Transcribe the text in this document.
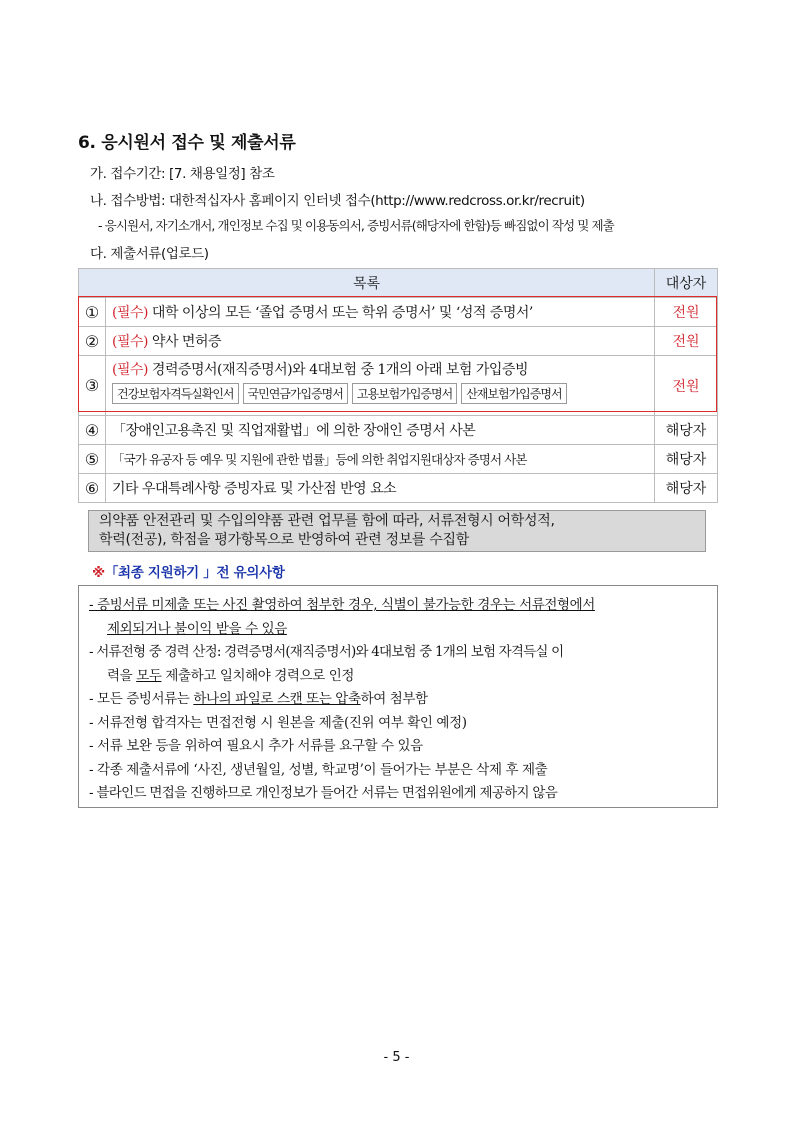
6. 응시원서 접수 및 제출서류
가. 접수기간: [7. 채용일정] 참조
나. 접수방법: 대한적십자사 홈페이지 인터넷 접수(http://www.redcross.or.kr/recruit)
- 응시원서, 자기소개서, 개인정보 수집 및 이용동의서, 증빙서류(해당자에 한함)등 빠짐없이 작성 및 제출
다. 제출서류(업로드)
목록		대상자
①	(필수) 대학 이상의 모든 ‘졸업 증명서 또는 학위 증명서’ 및 ‘성적 증명서’	전원
②	(필수) 약사 면허증	전원
③	(필수) 경력증명서(재직증명서)와 4대보험 중 1개의 아래 보험 가입증빙
건강보험자격득실확인서 국민연금가입증명서 고용보험가입증명서 산재보험가입증명서	전원
④	「장애인고용촉진 및 직업재활법」에 의한 장애인 증명서 사본	해당자
⑤	「국가 유공자 등 예우 및 지원에 관한 법률」등에 의한 취업지원대상자 증명서 사본	해당자
⑥	기타 우대특례사항 증빙자료 및 가산점 반영 요소	해당자
의약품 안전관리 및 수입의약품 관련 업무를 함에 따라, 서류전형시 어학성적,
학력(전공), 학점을 평가항목으로 반영하여 관련 정보를 수집함
※「최종 지원하기 」전 유의사항
- 증빙서류 미제출 또는 사진 촬영하여 첨부한 경우, 식별이 불가능한 경우는 서류전형에서
제외되거나 불이익 받을 수 있음
- 서류전형 중 경력 산정: 경력증명서(재직증명서)와 4대보험 중 1개의 보험 자격득실 이
력을 모두 제출하고 일치해야 경력으로 인정
- 모든 증빙서류는 하나의 파일로 스캔 또는 압축하여 첨부함
- 서류전형 합격자는 면접전형 시 원본을 제출(진위 여부 확인 예정)
- 서류 보완 등을 위하여 필요시 추가 서류를 요구할 수 있음
- 각종 제출서류에 ‘사진, 생년월일, 성별, 학교명’이 들어가는 부분은 삭제 후 제출
- 블라인드 면접을 진행하므로 개인정보가 들어간 서류는 면접위원에게 제공하지 않음
- 5 -
